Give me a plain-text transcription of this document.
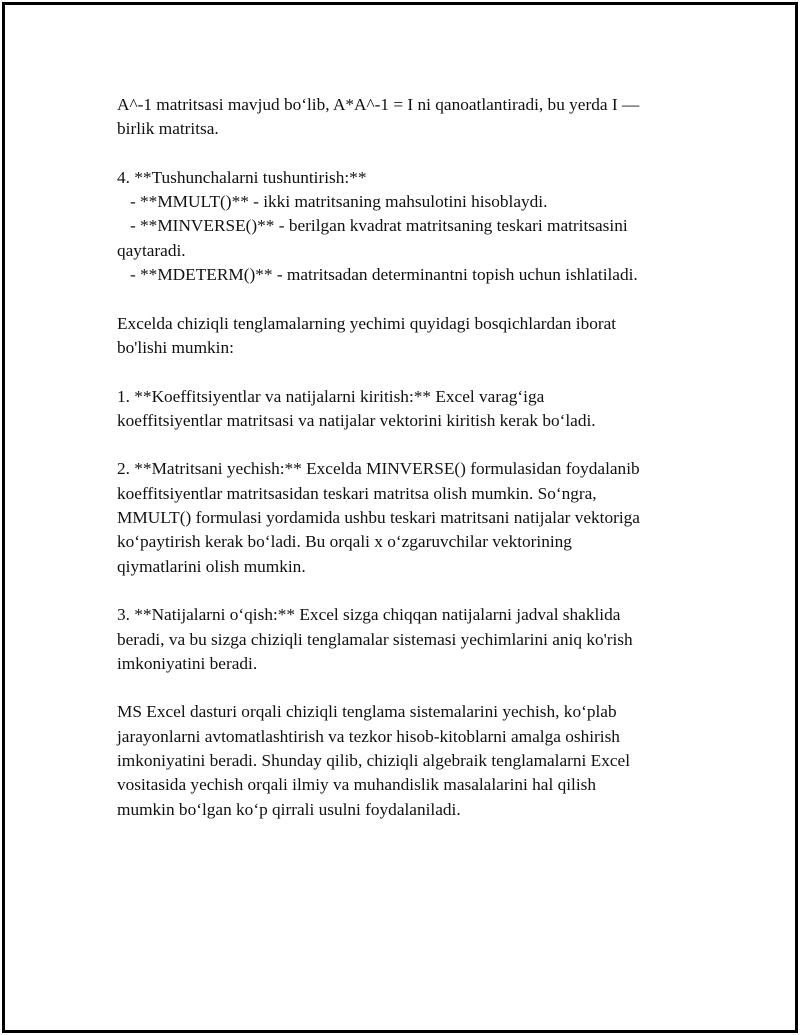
A^-1 matritsasi mavjud bo‘lib, A*A^-1 = I ni qanoatlantiradi, bu yerda I —
birlik matritsa.
4. **Tushunchalarni tushuntirish:**
- **MMULT()** - ikki matritsaning mahsulotini hisoblaydi.
- **MINVERSE()** - berilgan kvadrat matritsaning teskari matritsasini
qaytaradi.
- **MDETERM()** - matritsadan determinantni topish uchun ishlatiladi.
Excelda chiziqli tenglamalarning yechimi quyidagi bosqichlardan iborat
bo'lishi mumkin:
1. **Koeffitsiyentlar va natijalarni kiritish:** Excel varag‘iga
koeffitsiyentlar matritsasi va natijalar vektorini kiritish kerak bo‘ladi.
2. **Matritsani yechish:** Excelda MINVERSE() formulasidan foydalanib
koeffitsiyentlar matritsasidan teskari matritsa olish mumkin. So‘ngra,
MMULT() formulasi yordamida ushbu teskari matritsani natijalar vektoriga
ko‘paytirish kerak bo‘ladi. Bu orqali x o‘zgaruvchilar vektorining
qiymatlarini olish mumkin.
3. **Natijalarni o‘qish:** Excel sizga chiqqan natijalarni jadval shaklida
beradi, va bu sizga chiziqli tenglamalar sistemasi yechimlarini aniq ko'rish
imkoniyatini beradi.
MS Excel dasturi orqali chiziqli tenglama sistemalarini yechish, ko‘plab
jarayonlarni avtomatlashtirish va tezkor hisob-kitoblarni amalga oshirish
imkoniyatini beradi. Shunday qilib, chiziqli algebraik tenglamalarni Excel
vositasida yechish orqali ilmiy va muhandislik masalalarini hal qilish
mumkin bo‘lgan ko‘p qirrali usulni foydalaniladi.
